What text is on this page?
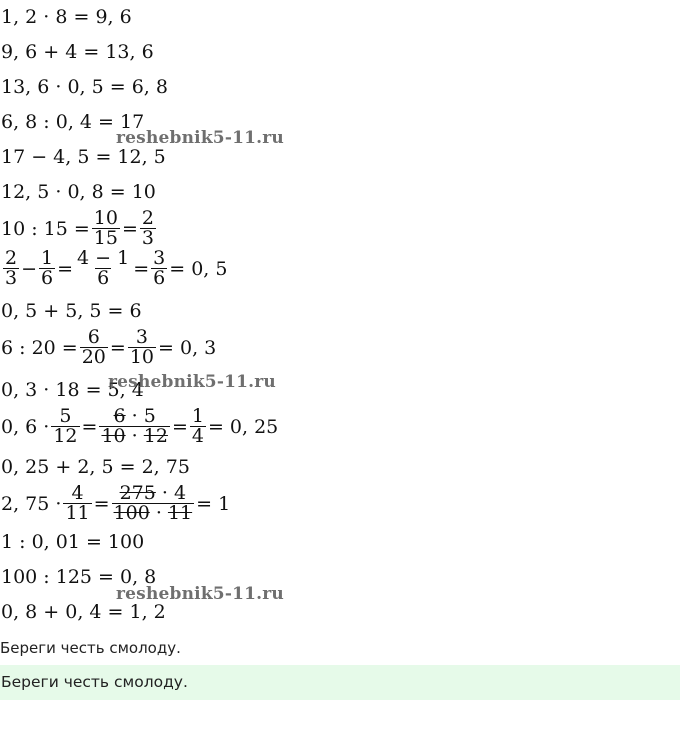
1, 2 · 8 = 9, 6
9, 6 + 4 = 13, 6
13, 6 · 0, 5 = 6, 8
6, 8 : 0, 4 = 17
17 − 4, 5 = 12, 5
12, 5 · 0, 8 = 10
10 : $15 = \frac{10}{15} = \frac{2}{3}$
$\frac{2}{3} - \frac{1}{6} = \frac{4 - 1}{6} = \frac{3}{6} = 0$, 5
0, 5 + 5, 5 = 6
6 : $20 = \frac{6}{20} = \frac{3}{10} = 0$, 3
0, 3 · 18 = 5, 4
0, $6 \cdot \frac{5}{12} = \frac{6 \cdot 5}{10 \cdot 12} = \frac{1}{4} = 0$, 25
0, 25 + 2, 5 = 2, 75
2, $75 \cdot \frac{4}{11} = \frac{275 \cdot 4}{100 \cdot 11} = 1$
1 : 0, 01 = 100
100 : 125 = 0, 8
0, 8 + 0, 4 = 1, 2
reshebnik5-11.ru
reshebnik5-11.ru
reshebnik5-11.ru
Береги честь смолоду.
Береги честь смолоду.
